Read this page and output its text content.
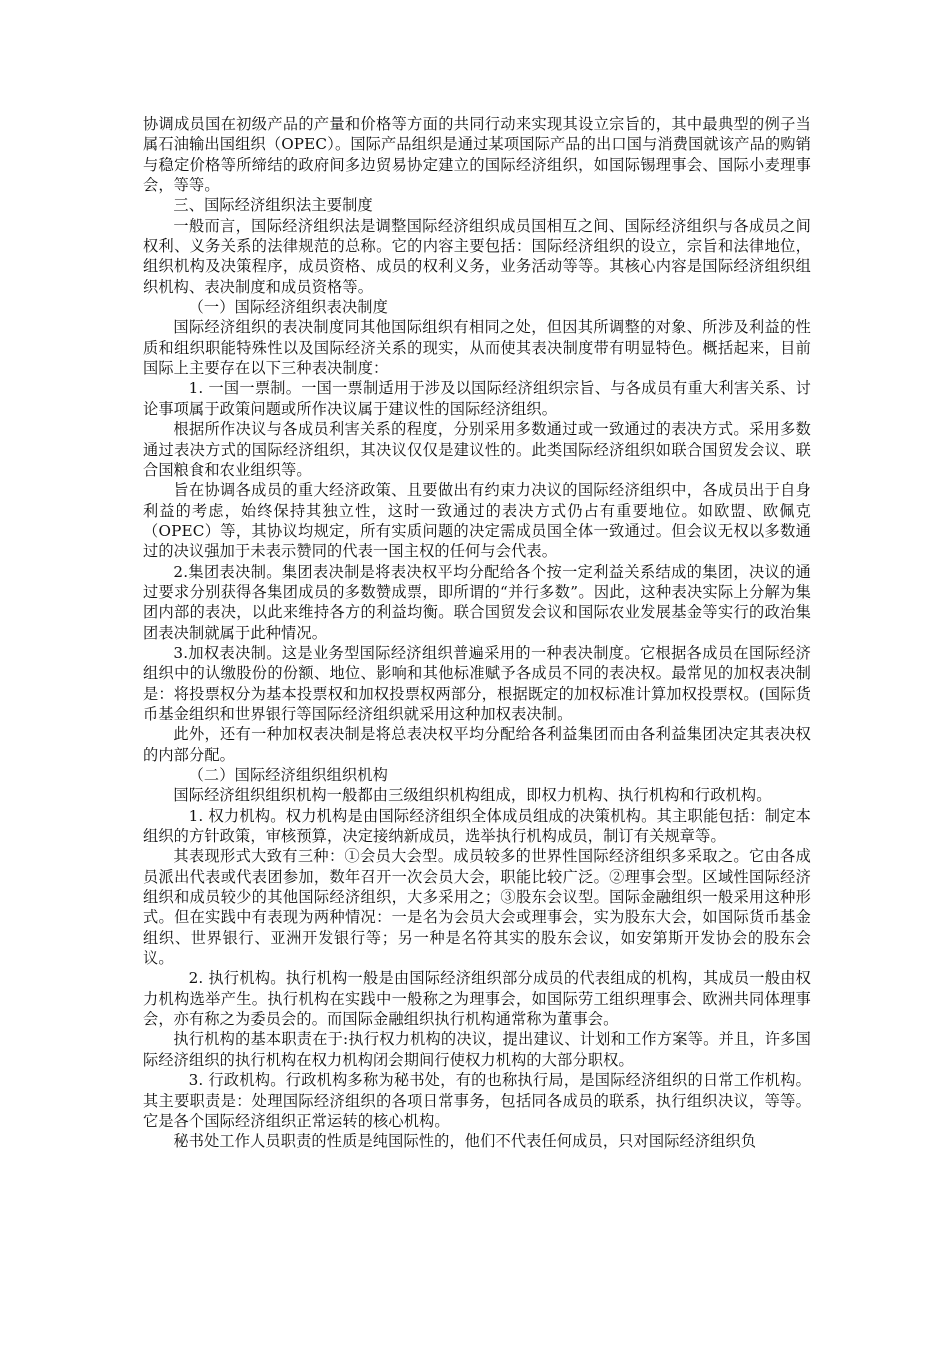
协调成员国在初级产品的产量和价格等方面的共同行动来实现其设立宗旨的，其中最典型的例子当属石油输出国组织（OPEC）。国际产品组织是通过某项国际产品的出口国与消费国就该产品的购销与稳定价格等所缔结的政府间多边贸易协定建立的国际经济组织，如国际锡理事会、国际小麦理事会，等等。

三、国际经济组织法主要制度

一般而言，国际经济组织法是调整国际经济组织成员国相互之间、国际经济组织与各成员之间权利、义务关系的法律规范的总称。它的内容主要包括：国际经济组织的设立，宗旨和法律地位，组织机构及决策程序，成员资格、成员的权利义务，业务活动等等。其核心内容是国际经济组织组织机构、表决制度和成员资格等。

（一）国际经济组织表决制度

国际经济组织的表决制度同其他国际组织有相同之处，但因其所调整的对象、所涉及利益的性质和组织职能特殊性以及国际经济关系的现实，从而使其表决制度带有明显特色。概括起来，目前国际上主要存在以下三种表决制度：

1. 一国一票制。一国一票制适用于涉及以国际经济组织宗旨、与各成员有重大利害关系、讨论事项属于政策问题或所作决议属于建议性的国际经济组织。

根据所作决议与各成员利害关系的程度，分别采用多数通过或一致通过的表决方式。采用多数通过表决方式的国际经济组织，其决议仅仅是建议性的。此类国际经济组织如联合国贸发会议、联合国粮食和农业组织等。

旨在协调各成员的重大经济政策、且要做出有约束力决议的国际经济组织中，各成员出于自身利益的考虑，始终保持其独立性，这时一致通过的表决方式仍占有重要地位。如欧盟、欧佩克（OPEC）等，其协议均规定，所有实质问题的决定需成员国全体一致通过。但会议无权以多数通过的决议强加于未表示赞同的代表一国主权的任何与会代表。

2.集团表决制。集团表决制是将表决权平均分配给各个按一定利益关系结成的集团，决议的通过要求分别获得各集团成员的多数赞成票，即所谓的“并行多数”。因此，这种表决实际上分解为集团内部的表决，以此来维持各方的利益均衡。联合国贸发会议和国际农业发展基金等实行的政治集团表决制就属于此种情况。

3.加权表决制。这是业务型国际经济组织普遍采用的一种表决制度。它根据各成员在国际经济组织中的认缴股份的份额、地位、影响和其他标准赋予各成员不同的表决权。最常见的加权表决制是：将投票权分为基本投票权和加权投票权两部分，根据既定的加权标准计算加权投票权。(国际货币基金组织和世界银行等国际经济组织就采用这种加权表决制。

此外，还有一种加权表决制是将总表决权平均分配给各利益集团而由各利益集团决定其表决权的内部分配。

（二）国际经济组织组织机构

国际经济组织组织机构一般都由三级组织机构组成，即权力机构、执行机构和行政机构。

1. 权力机构。权力机构是由国际经济组织全体成员组成的决策机构。其主职能包括：制定本组织的方针政策，审核预算，决定接纳新成员，选举执行机构成员，制订有关规章等。

其表现形式大致有三种：①会员大会型。成员较多的世界性国际经济组织多采取之。它由各成员派出代表或代表团参加，数年召开一次会员大会，职能比较广泛。②理事会型。区域性国际经济组织和成员较少的其他国际经济组织，大多采用之；③股东会议型。国际金融组织一般采用这种形式。但在实践中有表现为两种情况：一是名为会员大会或理事会，实为股东大会，如国际货币基金组织、世界银行、亚洲开发银行等；另一种是名符其实的股东会议，如安第斯开发协会的股东会议。

2. 执行机构。执行机构一般是由国际经济组织部分成员的代表组成的机构，其成员一般由权力机构选举产生。执行机构在实践中一般称之为理事会，如国际劳工组织理事会、欧洲共同体理事会，亦有称之为委员会的。而国际金融组织执行机构通常称为董事会。

执行机构的基本职责在于:执行权力机构的决议，提出建议、计划和工作方案等。并且，许多国际经济组织的执行机构在权力机构闭会期间行使权力机构的大部分职权。

3. 行政机构。行政机构多称为秘书处，有的也称执行局，是国际经济组织的日常工作机构。其主要职责是：处理国际经济组织的各项日常事务，包括同各成员的联系，执行组织决议，等等。它是各个国际经济组织正常运转的核心机构。

秘书处工作人员职责的性质是纯国际性的，他们不代表任何成员，只对国际经济组织负
